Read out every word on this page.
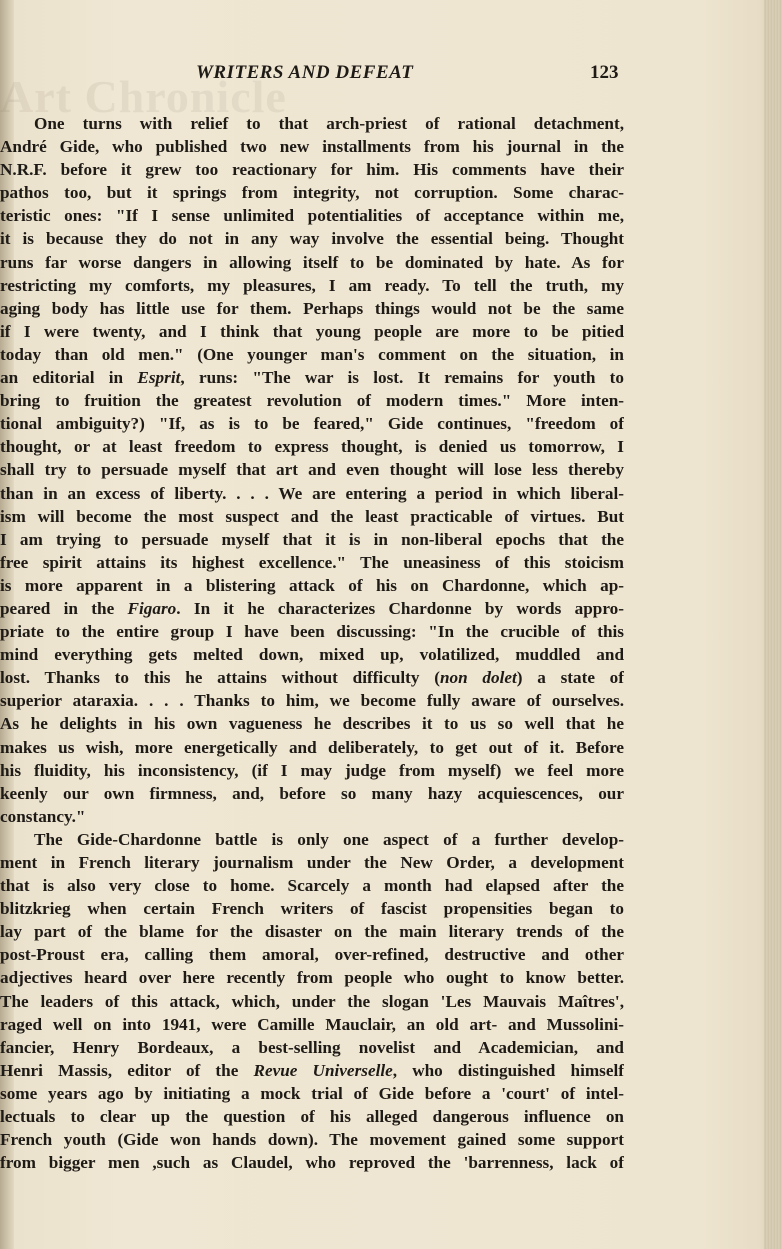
Art Chronicle
WRITERS AND DEFEAT	123
One turns with relief to that arch-priest of rational detachment,
André Gide, who published two new installments from his journal in the
N.R.F. before it grew too reactionary for him. His comments have their
pathos too, but it springs from integrity, not corruption. Some charac-
teristic ones: "If I sense unlimited potentialities of acceptance within me,
it is because they do not in any way involve the essential being. Thought
runs far worse dangers in allowing itself to be dominated by hate. As for
restricting my comforts, my pleasures, I am ready. To tell the truth, my
aging body has little use for them. Perhaps things would not be the same
if I were twenty, and I think that young people are more to be pitied
today than old men." (One younger man's comment on the situation, in
an editorial in Esprit, runs: "The war is lost. It remains for youth to
bring to fruition the greatest revolution of modern times." More inten-
tional ambiguity?) "If, as is to be feared," Gide continues, "freedom of
thought, or at least freedom to express thought, is denied us tomorrow, I
shall try to persuade myself that art and even thought will lose less thereby
than in an excess of liberty. . . . We are entering a period in which liberal-
ism will become the most suspect and the least practicable of virtues. But
I am trying to persuade myself that it is in non-liberal epochs that the
free spirit attains its highest excellence." The uneasiness of this stoicism
is more apparent in a blistering attack of his on Chardonne, which ap-
peared in the Figaro. In it he characterizes Chardonne by words appro-
priate to the entire group I have been discussing: "In the crucible of this
mind everything gets melted down, mixed up, volatilized, muddled and
lost. Thanks to this he attains without difficulty (non dolet) a state of
superior ataraxia. . . . Thanks to him, we become fully aware of ourselves.
As he delights in his own vagueness he describes it to us so well that he
makes us wish, more energetically and deliberately, to get out of it. Before
his fluidity, his inconsistency, (if I may judge from myself) we feel more
keenly our own firmness, and, before so many hazy acquiescences, our
constancy."
The Gide-Chardonne battle is only one aspect of a further develop-
ment in French literary journalism under the New Order, a development
that is also very close to home. Scarcely a month had elapsed after the
blitzkrieg when certain French writers of fascist propensities began to
lay part of the blame for the disaster on the main literary trends of the
post-Proust era, calling them amoral, over-refined, destructive and other
adjectives heard over here recently from people who ought to know better.
The leaders of this attack, which, under the slogan 'Les Mauvais Maîtres',
raged well on into 1941, were Camille Mauclair, an old art- and Mussolini-
fancier, Henry Bordeaux, a best-selling novelist and Academician, and
Henri Massis, editor of the Revue Universelle, who distinguished himself
some years ago by initiating a mock trial of Gide before a 'court' of intel-
lectuals to clear up the question of his alleged dangerous influence on
French youth (Gide won hands down). The movement gained some support
from bigger men ,such as Claudel, who reproved the 'barrenness, lack of
